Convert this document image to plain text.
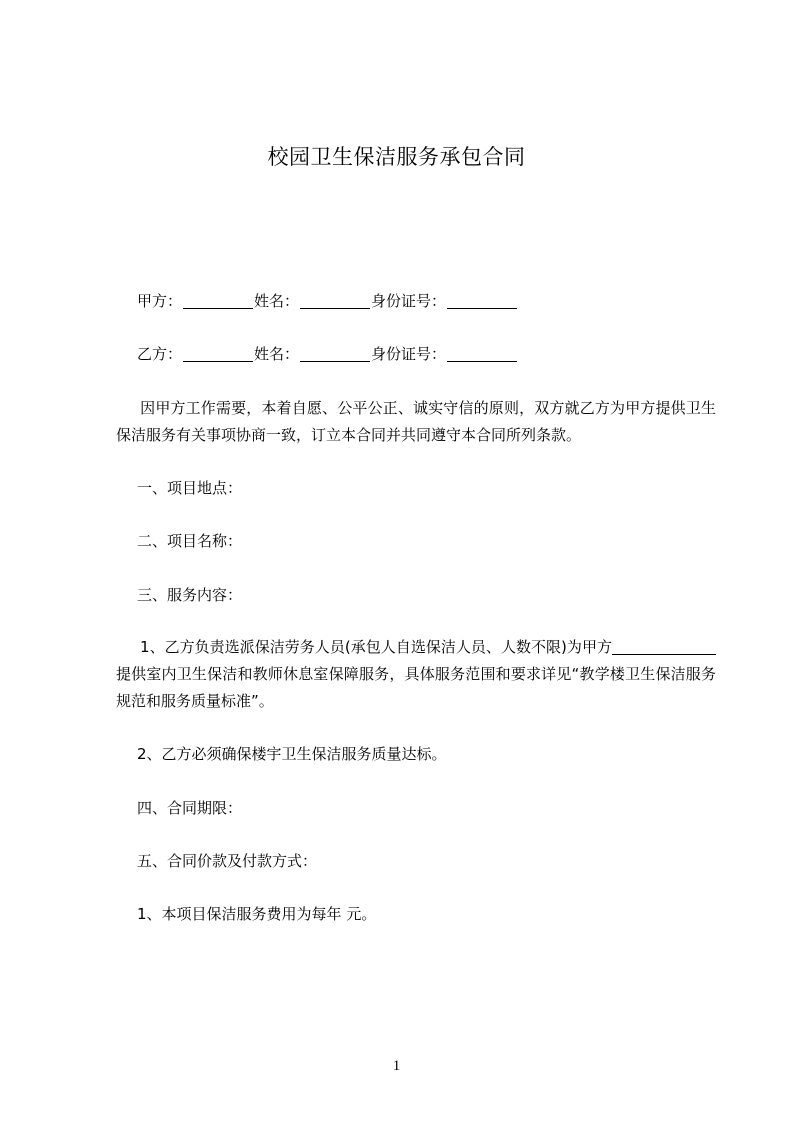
校园卫生保洁服务承包合同
甲方：	姓名：	身份证号：
乙方：	姓名：	身份证号：
因甲方工作需要，本着自愿、公平公正、诚实守信的原则，双方就乙方为甲方提供卫生保洁服务有关事项协商一致，订立本合同并共同遵守本合同所列条款。
一、项目地点：
二、项目名称：
三、服务内容：
1、乙方负责选派保洁劳务人员(承包人自选保洁人员、人数不限)为甲方提供室内卫生保洁和教师休息室保障服务，具体服务范围和要求详见“教学楼卫生保洁服务规范和服务质量标准”。
2、乙方必须确保楼宇卫生保洁服务质量达标。
四、合同期限：
五、合同价款及付款方式：
1、本项目保洁服务费用为每年 元。
1
